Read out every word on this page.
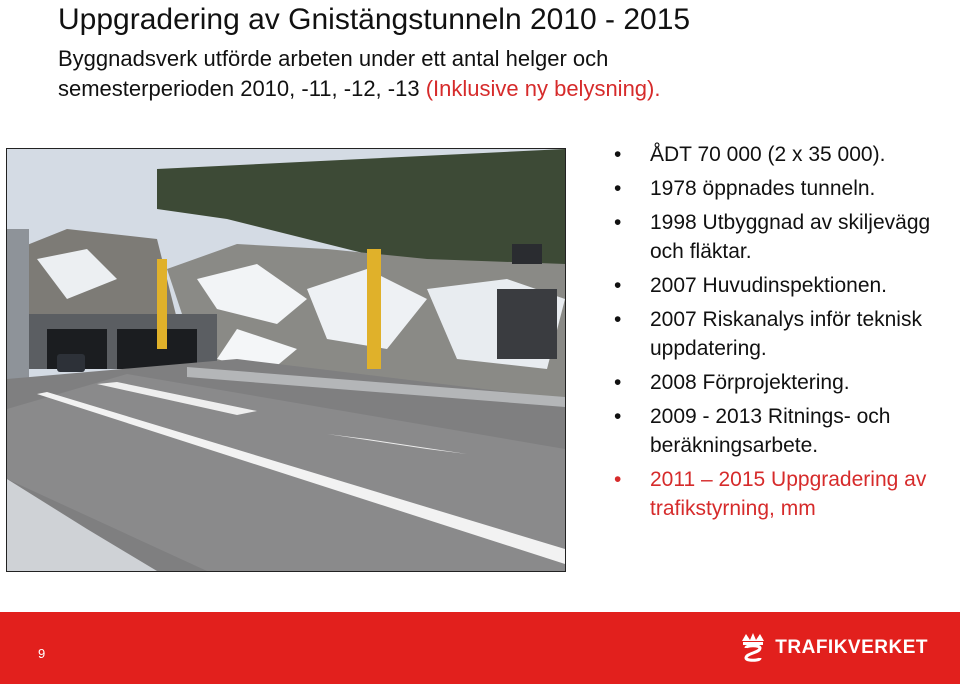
Uppgradering av Gnistängstunneln 2010 - 2015
Byggnadsverk utförde arbeten under ett antal helger och
semesterperioden 2010, -11, -12, -13 (Inklusive ny belysning).
• ÅDT 70 000 (2 x 35 000).
• 1978 öppnades tunneln.
• 1998 Utbyggnad av skiljevägg och fläktar.
• 2007 Huvudinspektionen.
• 2007 Riskanalys inför teknisk uppdatering.
• 2008 Förprojektering.
• 2009 - 2013 Ritnings- och beräkningsarbete.
• 2011 – 2015 Uppgradering av trafikstyrning, mm
9	TRAFIKVERKET
